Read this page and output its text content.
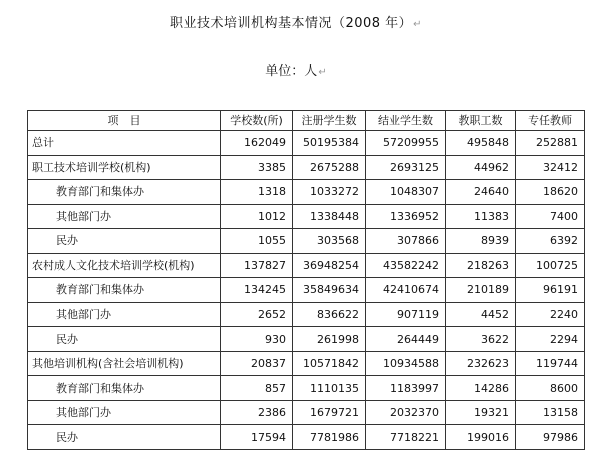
职业技术培训机构基本情况（2008 年）↵
单位：人↵
项　目	学校数(所)	注册学生数	结业学生数	教职工数	专任教师
总计	162049	50195384	57209955	495848	252881
职工技术培训学校(机构)	3385	2675288	2693125	44962	32412
教育部门和集体办	1318	1033272	1048307	24640	18620
其他部门办	1012	1338448	1336952	11383	7400
民办	1055	303568	307866	8939	6392
农村成人文化技术培训学校(机构)	137827	36948254	43582242	218263	100725
教育部门和集体办	134245	35849634	42410674	210189	96191
其他部门办	2652	836622	907119	4452	2240
民办	930	261998	264449	3622	2294
其他培训机构(含社会培训机构)	20837	10571842	10934588	232623	119744
教育部门和集体办	857	1110135	1183997	14286	8600
其他部门办	2386	1679721	2032370	19321	13158
民办	17594	7781986	7718221	199016	97986
